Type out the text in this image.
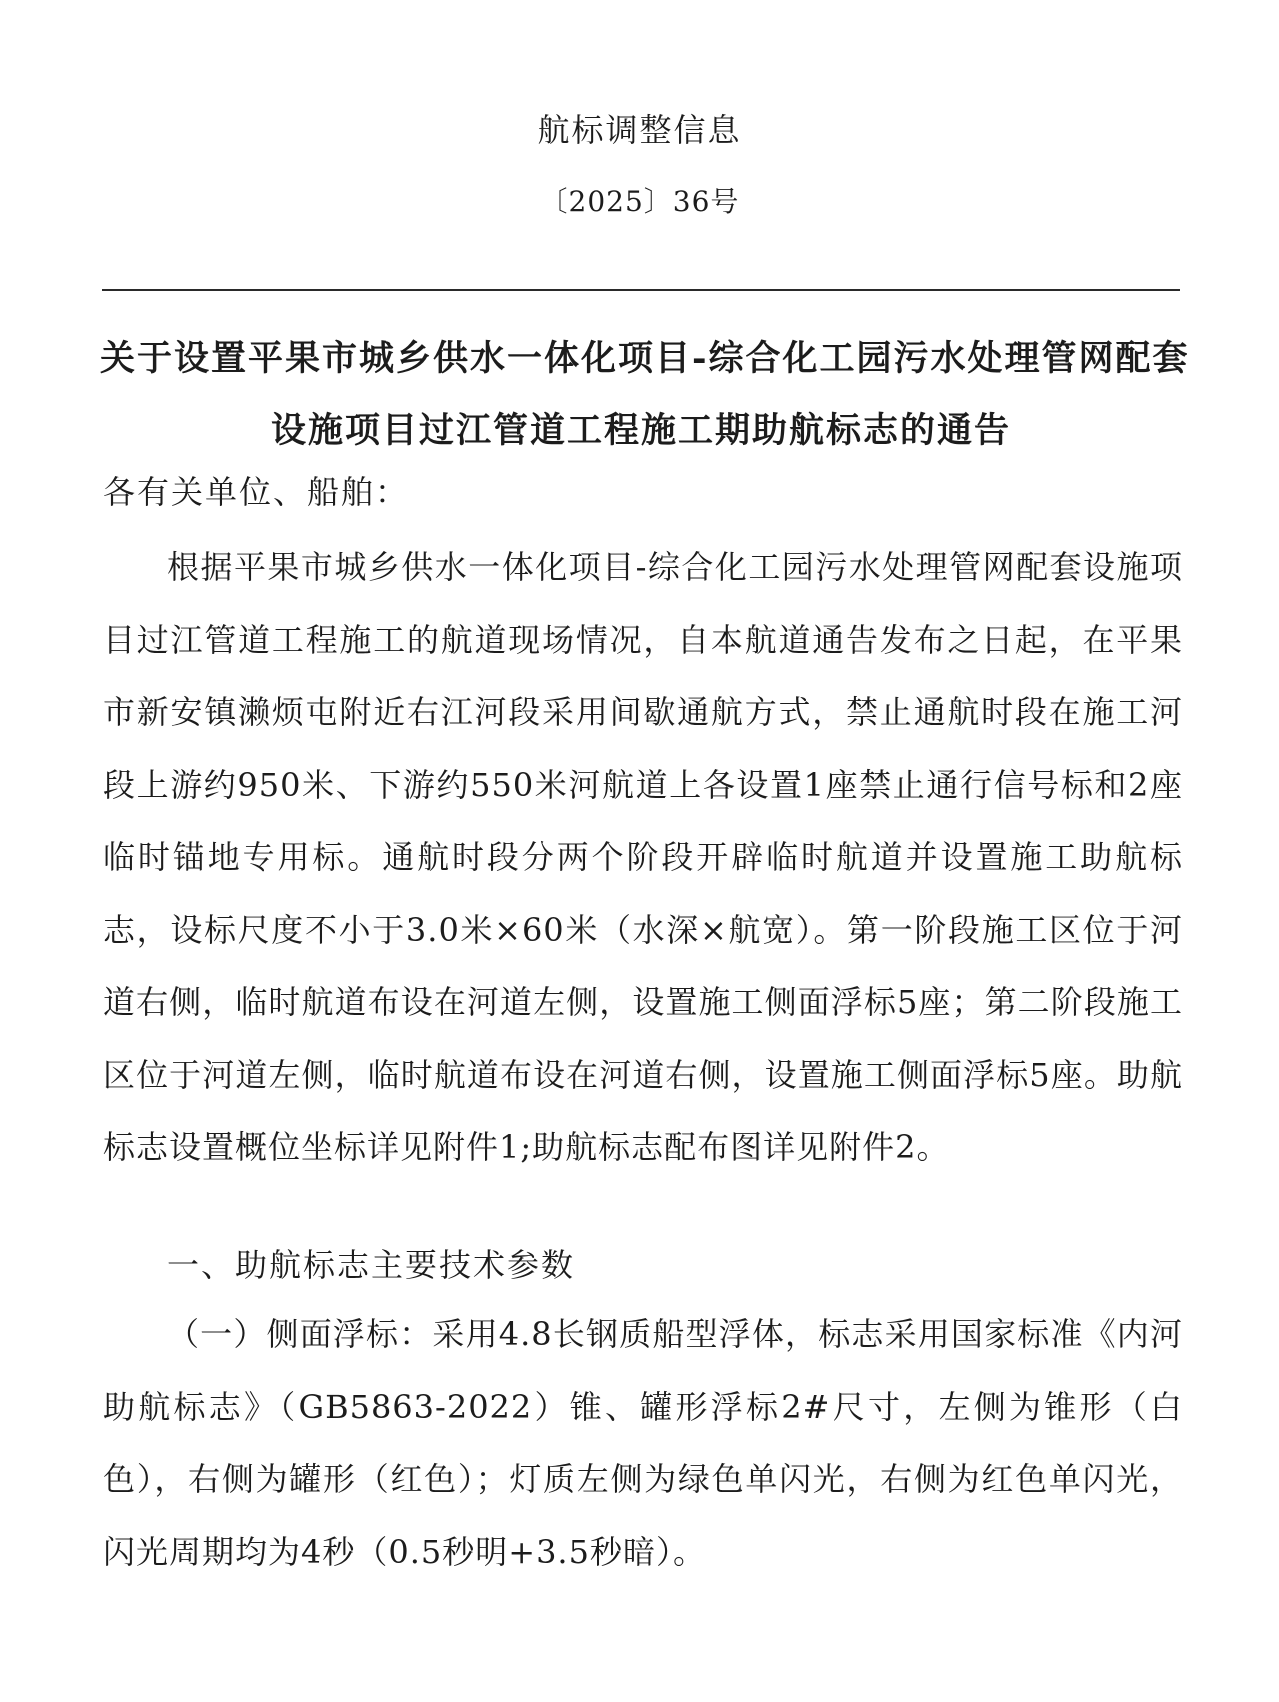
航标调整信息
〔2025〕36号
关于设置平果市城乡供水一体化项目-综合化工园污水处理管网配套
设施项目过江管道工程施工期助航标志的通告
各有关单位、船舶：

根据平果市城乡供水一体化项目-综合化工园污水处理管网配套设施项目过江管道工程施工的航道现场情况，自本航道通告发布之日起，在平果市新安镇濑烦屯附近右江河段采用间歇通航方式，禁止通航时段在施工河段上游约950米、下游约550米河航道上各设置1座禁止通行信号标和2座临时锚地专用标。通航时段分两个阶段开辟临时航道并设置施工助航标志，设标尺度不小于3.0米×60米（水深×航宽）。第一阶段施工区位于河道右侧，临时航道布设在河道左侧，设置施工侧面浮标5座；第二阶段施工区位于河道左侧，临时航道布设在河道右侧，设置施工侧面浮标5座。助航标志设置概位坐标详见附件1;助航标志配布图详见附件2。

一、助航标志主要技术参数

（一）侧面浮标：采用4.8长钢质船型浮体，标志采用国家标准《内河助航标志》（GB5863-2022）锥、罐形浮标2#尺寸，左侧为锥形（白色），右侧为罐形（红色）；灯质左侧为绿色单闪光，右侧为红色单闪光，闪光周期均为4秒（0.5秒明+3.5秒暗）。
